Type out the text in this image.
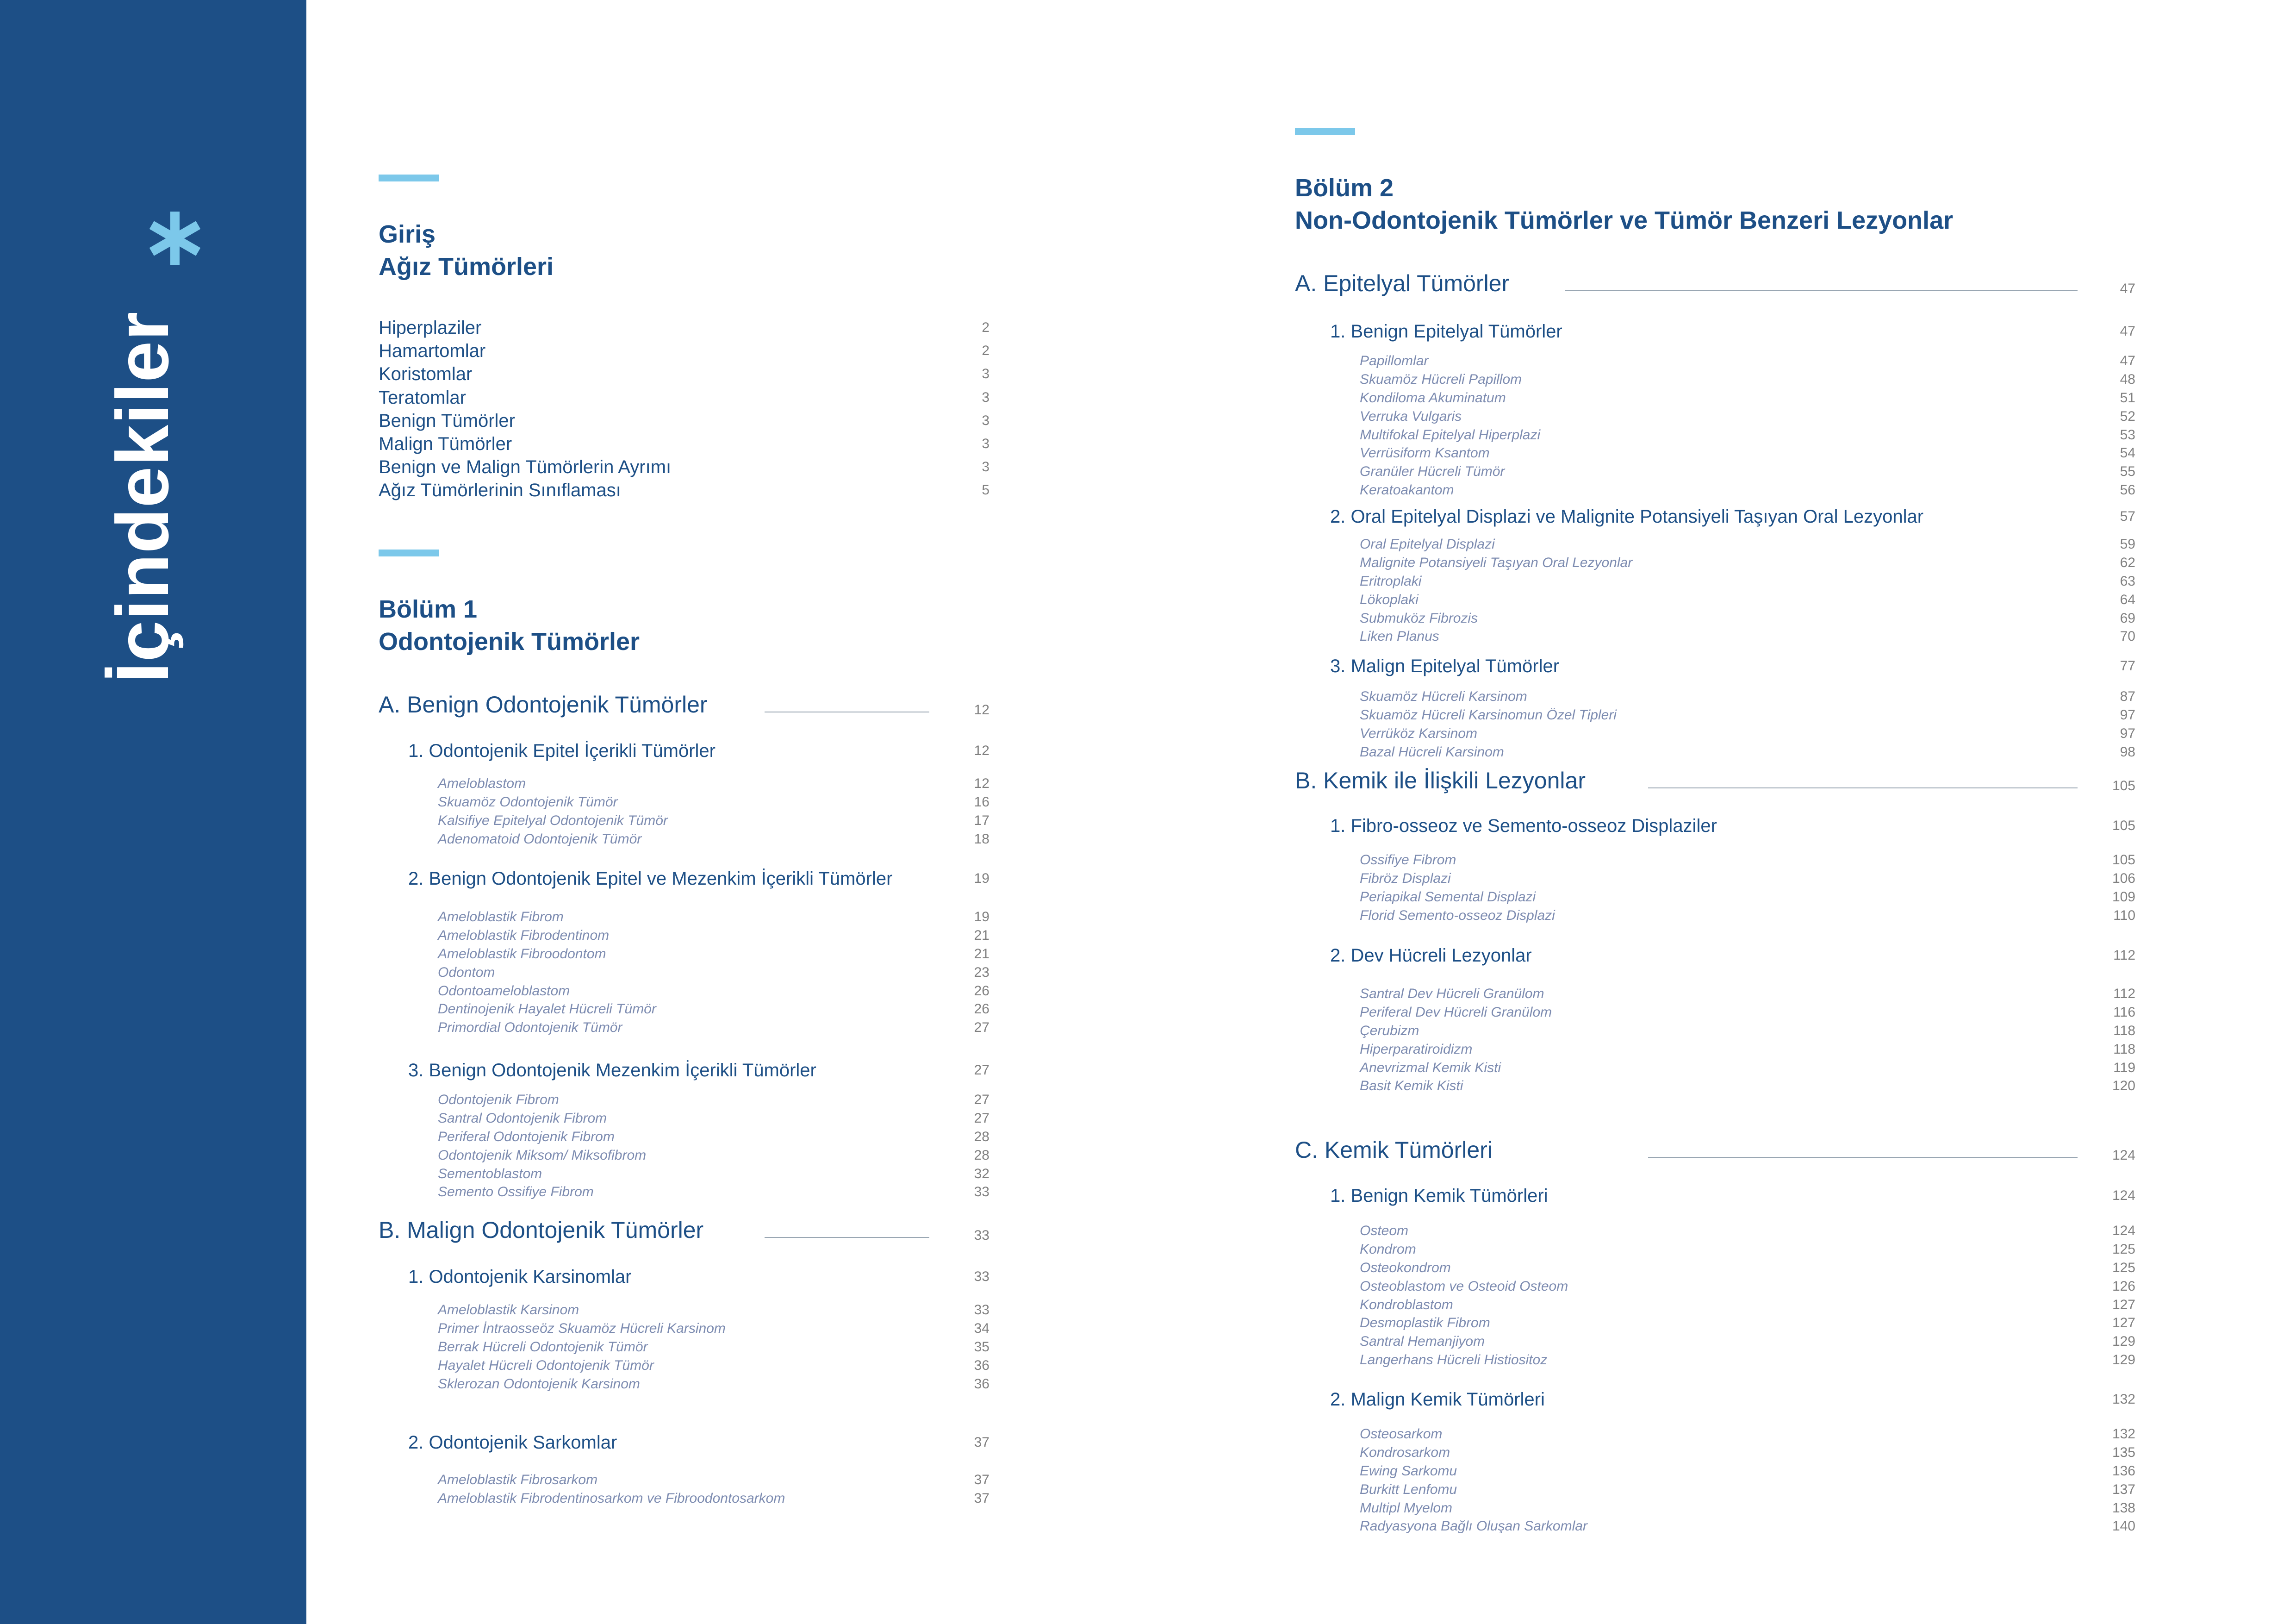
İçindekiler
Giriş
Ağız Tümörleri
Hiperplaziler	2
Hamartomlar	2
Koristomlar	3
Teratomlar	3
Benign Tümörler	3
Malign Tümörler	3
Benign ve Malign Tümörlerin Ayrımı	3
Ağız Tümörlerinin Sınıflaması	5
Bölüm 1
Odontojenik Tümörler
A. Benign Odontojenik Tümörler	12
1. Odontojenik Epitel İçerikli Tümörler	12
Ameloblastom	12
Skuamöz Odontojenik Tümör	16
Kalsifiye Epitelyal Odontojenik Tümör	17
Adenomatoid Odontojenik Tümör	18
2. Benign Odontojenik Epitel ve Mezenkim İçerikli Tümörler	19
Ameloblastik Fibrom	19
Ameloblastik Fibrodentinom	21
Ameloblastik Fibroodontom	21
Odontom	23
Odontoameloblastom	26
Dentinojenik Hayalet Hücreli Tümör	26
Primordial Odontojenik Tümör	27
3. Benign Odontojenik Mezenkim İçerikli Tümörler	27
Odontojenik Fibrom	27
Santral Odontojenik Fibrom	27
Periferal Odontojenik Fibrom	28
Odontojenik Miksom/ Miksofibrom	28
Sementoblastom	32
Semento Ossifiye Fibrom	33
B. Malign Odontojenik Tümörler	33
1. Odontojenik Karsinomlar	33
Ameloblastik Karsinom	33
Primer İntraosseöz Skuamöz Hücreli Karsinom	34
Berrak Hücreli Odontojenik Tümör	35
Hayalet Hücreli Odontojenik Tümör	36
Sklerozan Odontojenik Karsinom	36
2. Odontojenik Sarkomlar	37
Ameloblastik Fibrosarkom	37
Ameloblastik Fibrodentinosarkom ve Fibroodontosarkom	37
Bölüm 2
Non-Odontojenik Tümörler ve Tümör Benzeri Lezyonlar
A. Epitelyal Tümörler	47
1. Benign Epitelyal Tümörler	47
Papillomlar	47
Skuamöz Hücreli Papillom	48
Kondiloma Akuminatum	51
Verruka Vulgaris	52
Multifokal Epitelyal Hiperplazi	53
Verrüsiform Ksantom	54
Granüler Hücreli Tümör	55
Keratoakantom	56
2. Oral Epitelyal Displazi ve Malignite Potansiyeli Taşıyan Oral Lezyonlar	57
Oral Epitelyal Displazi	59
Malignite Potansiyeli Taşıyan Oral Lezyonlar	62
Eritroplaki	63
Lökoplaki	64
Submuköz Fibrozis	69
Liken Planus	70
3. Malign Epitelyal Tümörler	77
Skuamöz Hücreli Karsinom	87
Skuamöz Hücreli Karsinomun Özel Tipleri	97
Verrüköz Karsinom	97
Bazal Hücreli Karsinom	98
B. Kemik ile İlişkili Lezyonlar	105
1. Fibro-osseoz ve Semento-osseoz Displaziler	105
Ossifiye Fibrom	105
Fibröz Displazi	106
Periapikal Semental Displazi	109
Florid Semento-osseoz Displazi	110
2. Dev Hücreli Lezyonlar	112
Santral Dev Hücreli Granülom	112
Periferal Dev Hücreli Granülom	116
Çerubizm	118
Hiperparatiroidizm	118
Anevrizmal Kemik Kisti	119
Basit Kemik Kisti	120
C. Kemik Tümörleri	124
1. Benign Kemik Tümörleri	124
Osteom	124
Kondrom	125
Osteokondrom	125
Osteoblastom ve Osteoid Osteom	126
Kondroblastom	127
Desmoplastik Fibrom	127
Santral Hemanjiyom	129
Langerhans Hücreli Histiositoz	129
2. Malign Kemik Tümörleri	132
Osteosarkom	132
Kondrosarkom	135
Ewing Sarkomu	136
Burkitt Lenfomu	137
Multipl Myelom	138
Radyasyona Bağlı Oluşan Sarkomlar	140
